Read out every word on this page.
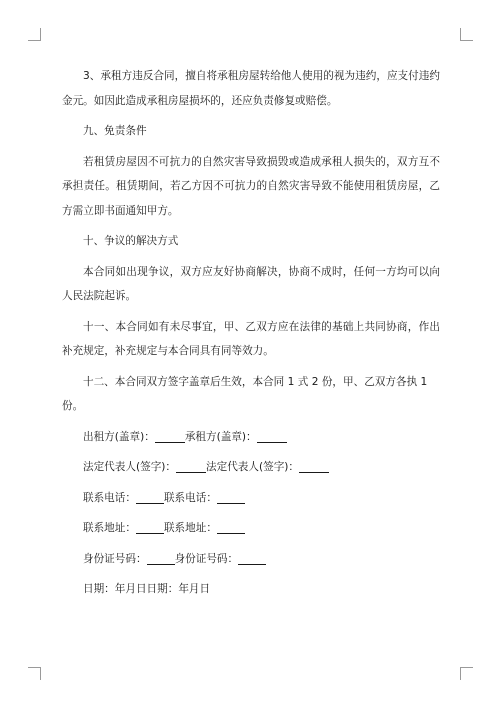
3、承租方违反合同，擅自将承租房屋转给他人使用的视为违约，应支付违约金元。如因此造成承租房屋损坏的，还应负责修复或赔偿。

九、免责条件

若租赁房屋因不可抗力的自然灾害导致损毁或造成承租人损失的，双方互不承担责任。租赁期间，若乙方因不可抗力的自然灾害导致不能使用租赁房屋，乙方需立即书面通知甲方。

十、争议的解决方式

本合同如出现争议，双方应友好协商解决，协商不成时，任何一方均可以向人民法院起诉。

十一、本合同如有未尽事宜，甲、乙双方应在法律的基础上共同协商，作出补充规定，补充规定与本合同具有同等效力。

十二、本合同双方签字盖章后生效，本合同 1 式 2 份，甲、乙双方各执 1 份。

出租方(盖章)：	承租方(盖章)：
法定代表人(签字)：	法定代表人(签字)：
联系电话：	联系电话：
联系地址：	联系地址：
身份证号码：	身份证号码：
日期：年月日日期：年月日
